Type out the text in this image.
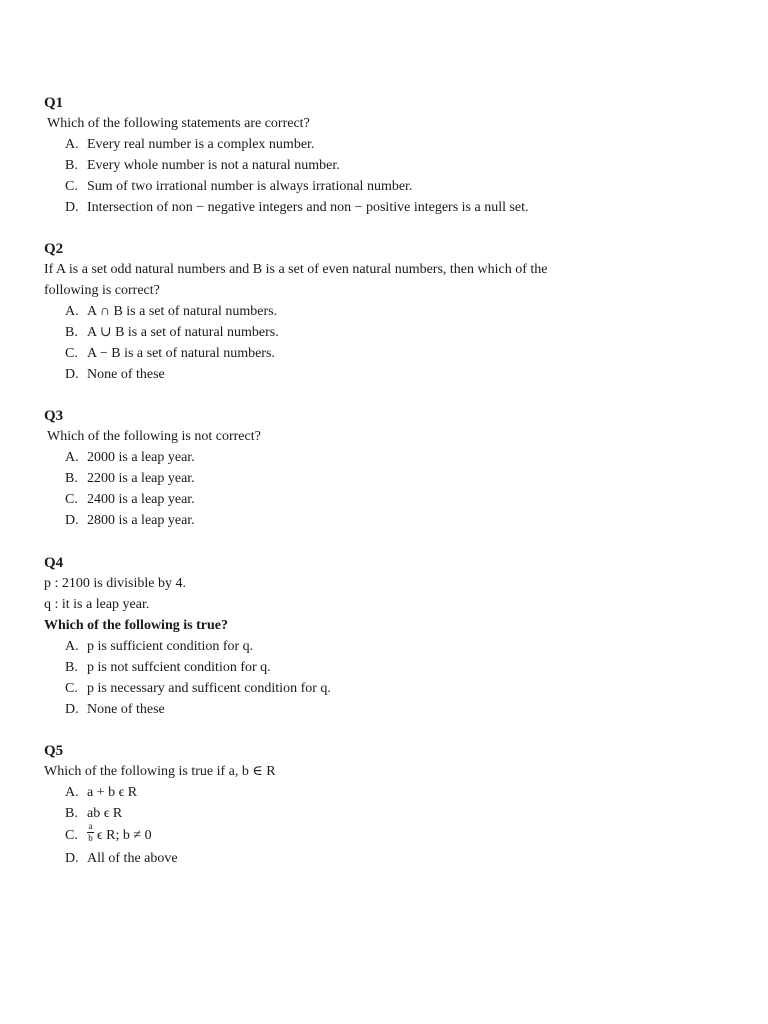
Q1

Which of the following statements are correct?

A. Every real number is a complex number.
B. Every whole number is not a natural number.
C. Sum of two irrational number is always irrational number.
D. Intersection of non − negative integers and non − positive integers is a null set.

Q2

If A is a set odd natural numbers and B is a set of even natural numbers, then which of the

following is correct?

A. A ∩ B is a set of natural numbers.
B. A ∪ B is a set of natural numbers.
C. A − B is a set of natural numbers.
D. None of these

Q3

Which of the following is not correct?

A. 2000 is a leap year.
B. 2200 is a leap year.
C. 2400 is a leap year.
D. 2800 is a leap year.

Q4

p : 2100 is divisible by 4.

q : it is a leap year.

Which of the following is true?

A. p is sufficient condition for q.
B. p is not suffcient condition for q.
C. p is necessary and sufficent condition for q.
D. None of these

Q5

Which of the following is true if a, b ∈ R

A. a + b ϵ R
B. ab ϵ R
C.	$\frac{a}{b}$ ϵ R; b ≠ 0
D. All of the above
